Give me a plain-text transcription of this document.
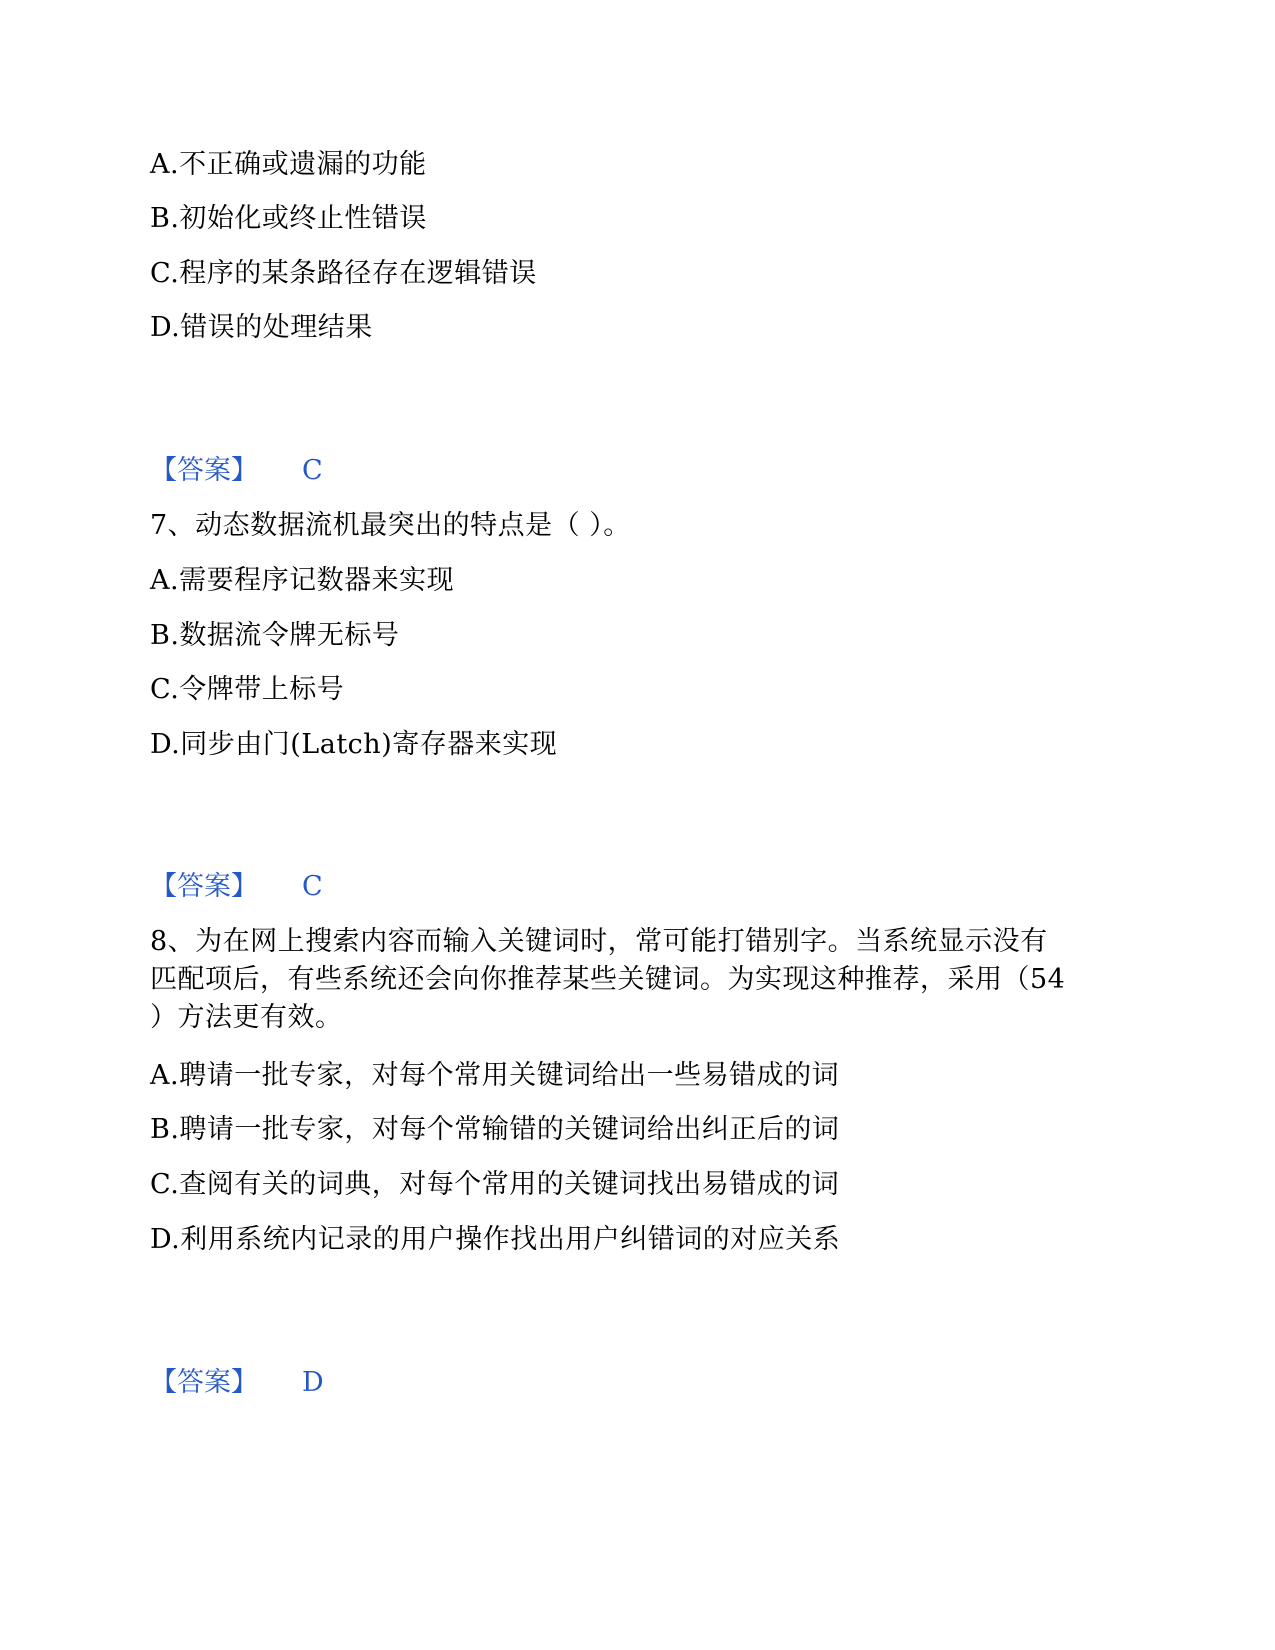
A.不正确或遗漏的功能
B.初始化或终止性错误
C.程序的某条路径存在逻辑错误
D.错误的处理结果
【答案】 C
7、动态数据流机最突出的特点是（ ）。
A.需要程序记数器来实现
B.数据流令牌无标号
C.令牌带上标号
D.同步由门(Latch)寄存器来实现
【答案】 C
8、为在网上搜索内容而输入关键词时，常可能打错别字。当系统显示没有
匹配项后，有些系统还会向你推荐某些关键词。为实现这种推荐，采用（54
）方法更有效。
A.聘请一批专家，对每个常用关键词给出一些易错成的词
B.聘请一批专家，对每个常输错的关键词给出纠正后的词
C.查阅有关的词典，对每个常用的关键词找出易错成的词
D.利用系统内记录的用户操作找出用户纠错词的对应关系
【答案】 D
